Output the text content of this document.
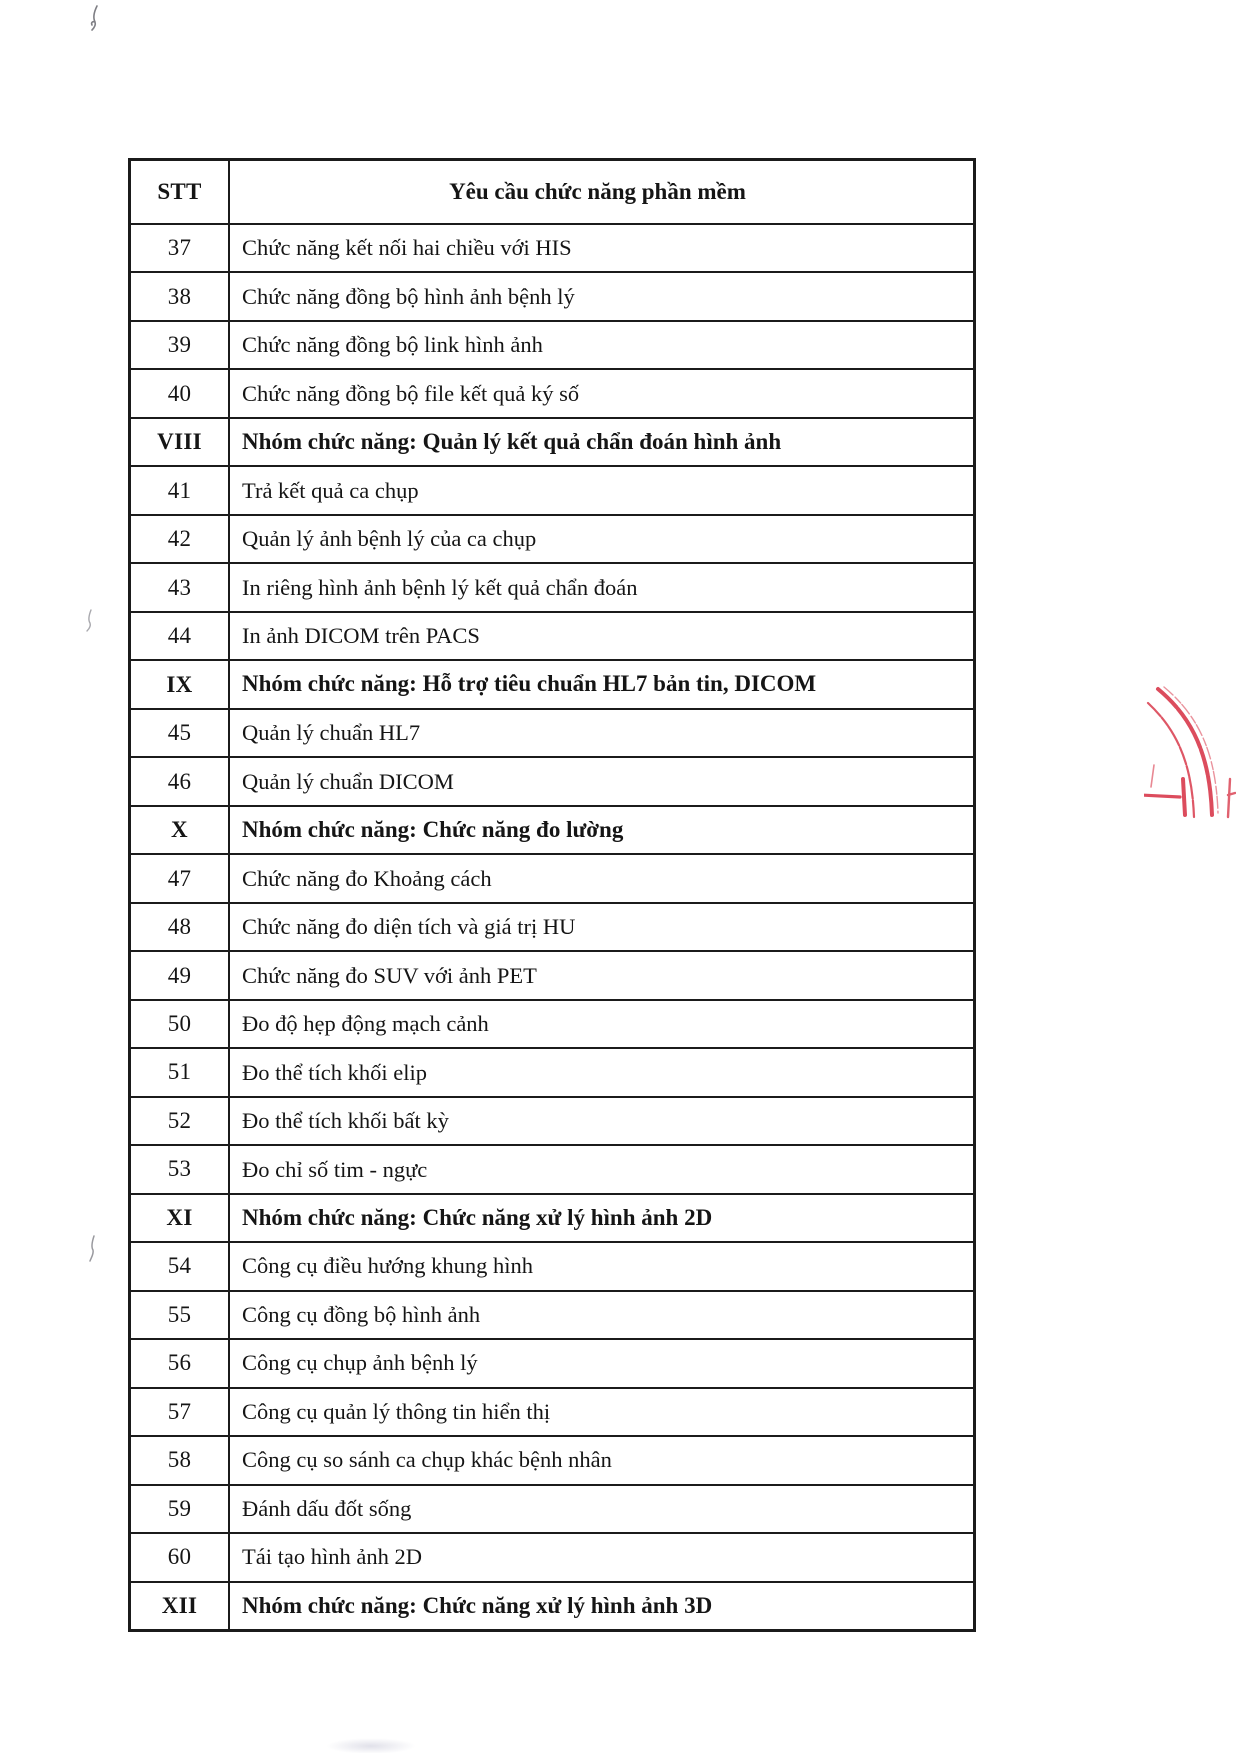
STT	Yêu cầu chức năng phần mềm
37	Chức năng kết nối hai chiều với HIS
38	Chức năng đồng bộ hình ảnh bệnh lý
39	Chức năng đồng bộ link hình ảnh
40	Chức năng đồng bộ file kết quả ký số
VIII	Nhóm chức năng: Quản lý kết quả chẩn đoán hình ảnh
41	Trả kết quả ca chụp
42	Quản lý ảnh bệnh lý của ca chụp
43	In riêng hình ảnh bệnh lý kết quả chẩn đoán
44	In ảnh DICOM trên PACS
IX	Nhóm chức năng: Hỗ trợ tiêu chuẩn HL7 bản tin, DICOM
45	Quản lý chuẩn HL7
46	Quản lý chuẩn DICOM
X	Nhóm chức năng: Chức năng đo lường
47	Chức năng đo Khoảng cách
48	Chức năng đo diện tích và giá trị HU
49	Chức năng đo SUV với ảnh PET
50	Đo độ hẹp động mạch cảnh
51	Đo thể tích khối elip
52	Đo thể tích khối bất kỳ
53	Đo chỉ số tim - ngực
XI	Nhóm chức năng: Chức năng xử lý hình ảnh 2D
54	Công cụ điều hướng khung hình
55	Công cụ đồng bộ hình ảnh
56	Công cụ chụp ảnh bệnh lý
57	Công cụ quản lý thông tin hiển thị
58	Công cụ so sánh ca chụp khác bệnh nhân
59	Đánh dấu đốt sống
60	Tái tạo hình ảnh 2D
XII	Nhóm chức năng: Chức năng xử lý hình ảnh 3D
